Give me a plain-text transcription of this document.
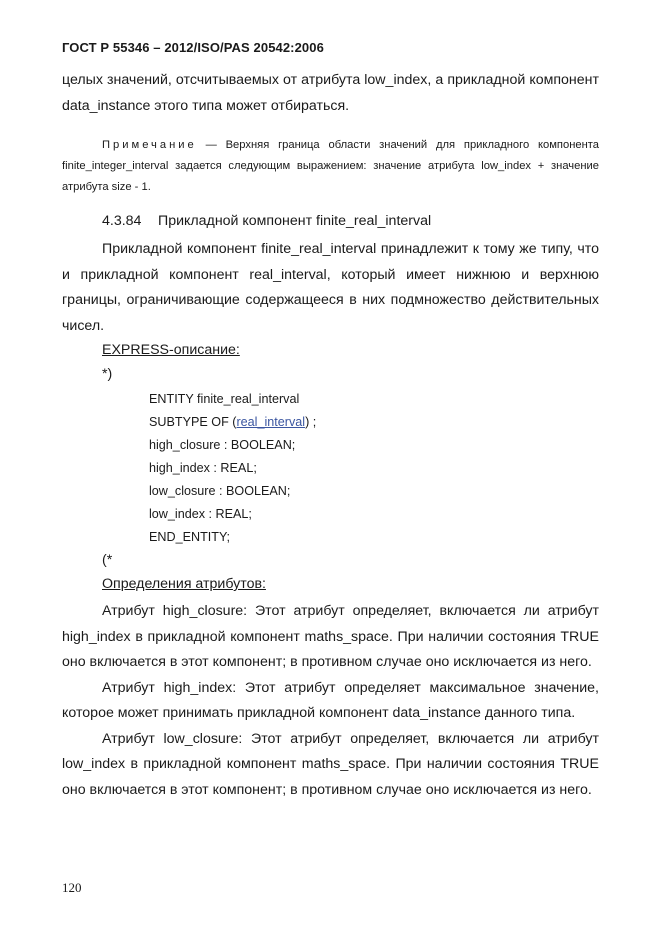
ГОСТ Р 55346 – 2012/ISO/PAS 20542:2006

целых значений, отсчитываемых от атрибута low_index, а прикладной компонент data_instance этого типа может отбираться.

Примечание — Верхняя граница области значений для прикладного компонента finite_integer_interval задается следующим выражением: значение атрибута low_index + значение атрибута size - 1.

4.3.84 Прикладной компонент finite_real_interval

Прикладной компонент finite_real_interval принадлежит к тому же типу, что и прикладной компонент real_interval, который имеет нижнюю и верхнюю границы, ограничивающие содержащееся в них подмножество действительных чисел.

EXPRESS-описание:
*)
ENTITY finite_real_interval
SUBTYPE OF (real_interval) ;
high_closure : BOOLEAN;
high_index : REAL;
low_closure : BOOLEAN;
low_index : REAL;
END_ENTITY;
(*
Определения атрибутов:

Атрибут high_closure: Этот атрибут определяет, включается ли атрибут high_index в прикладной компонент maths_space. При наличии состояния TRUE оно включается в этот компонент; в противном случае оно исключается из него.

Атрибут high_index: Этот атрибут определяет максимальное значение, которое может принимать прикладной компонент data_instance данного типа.

Атрибут low_closure: Этот атрибут определяет, включается ли атрибут low_index в прикладной компонент maths_space. При наличии состояния TRUE оно включается в этот компонент; в противном случае оно исключается из него.

120
